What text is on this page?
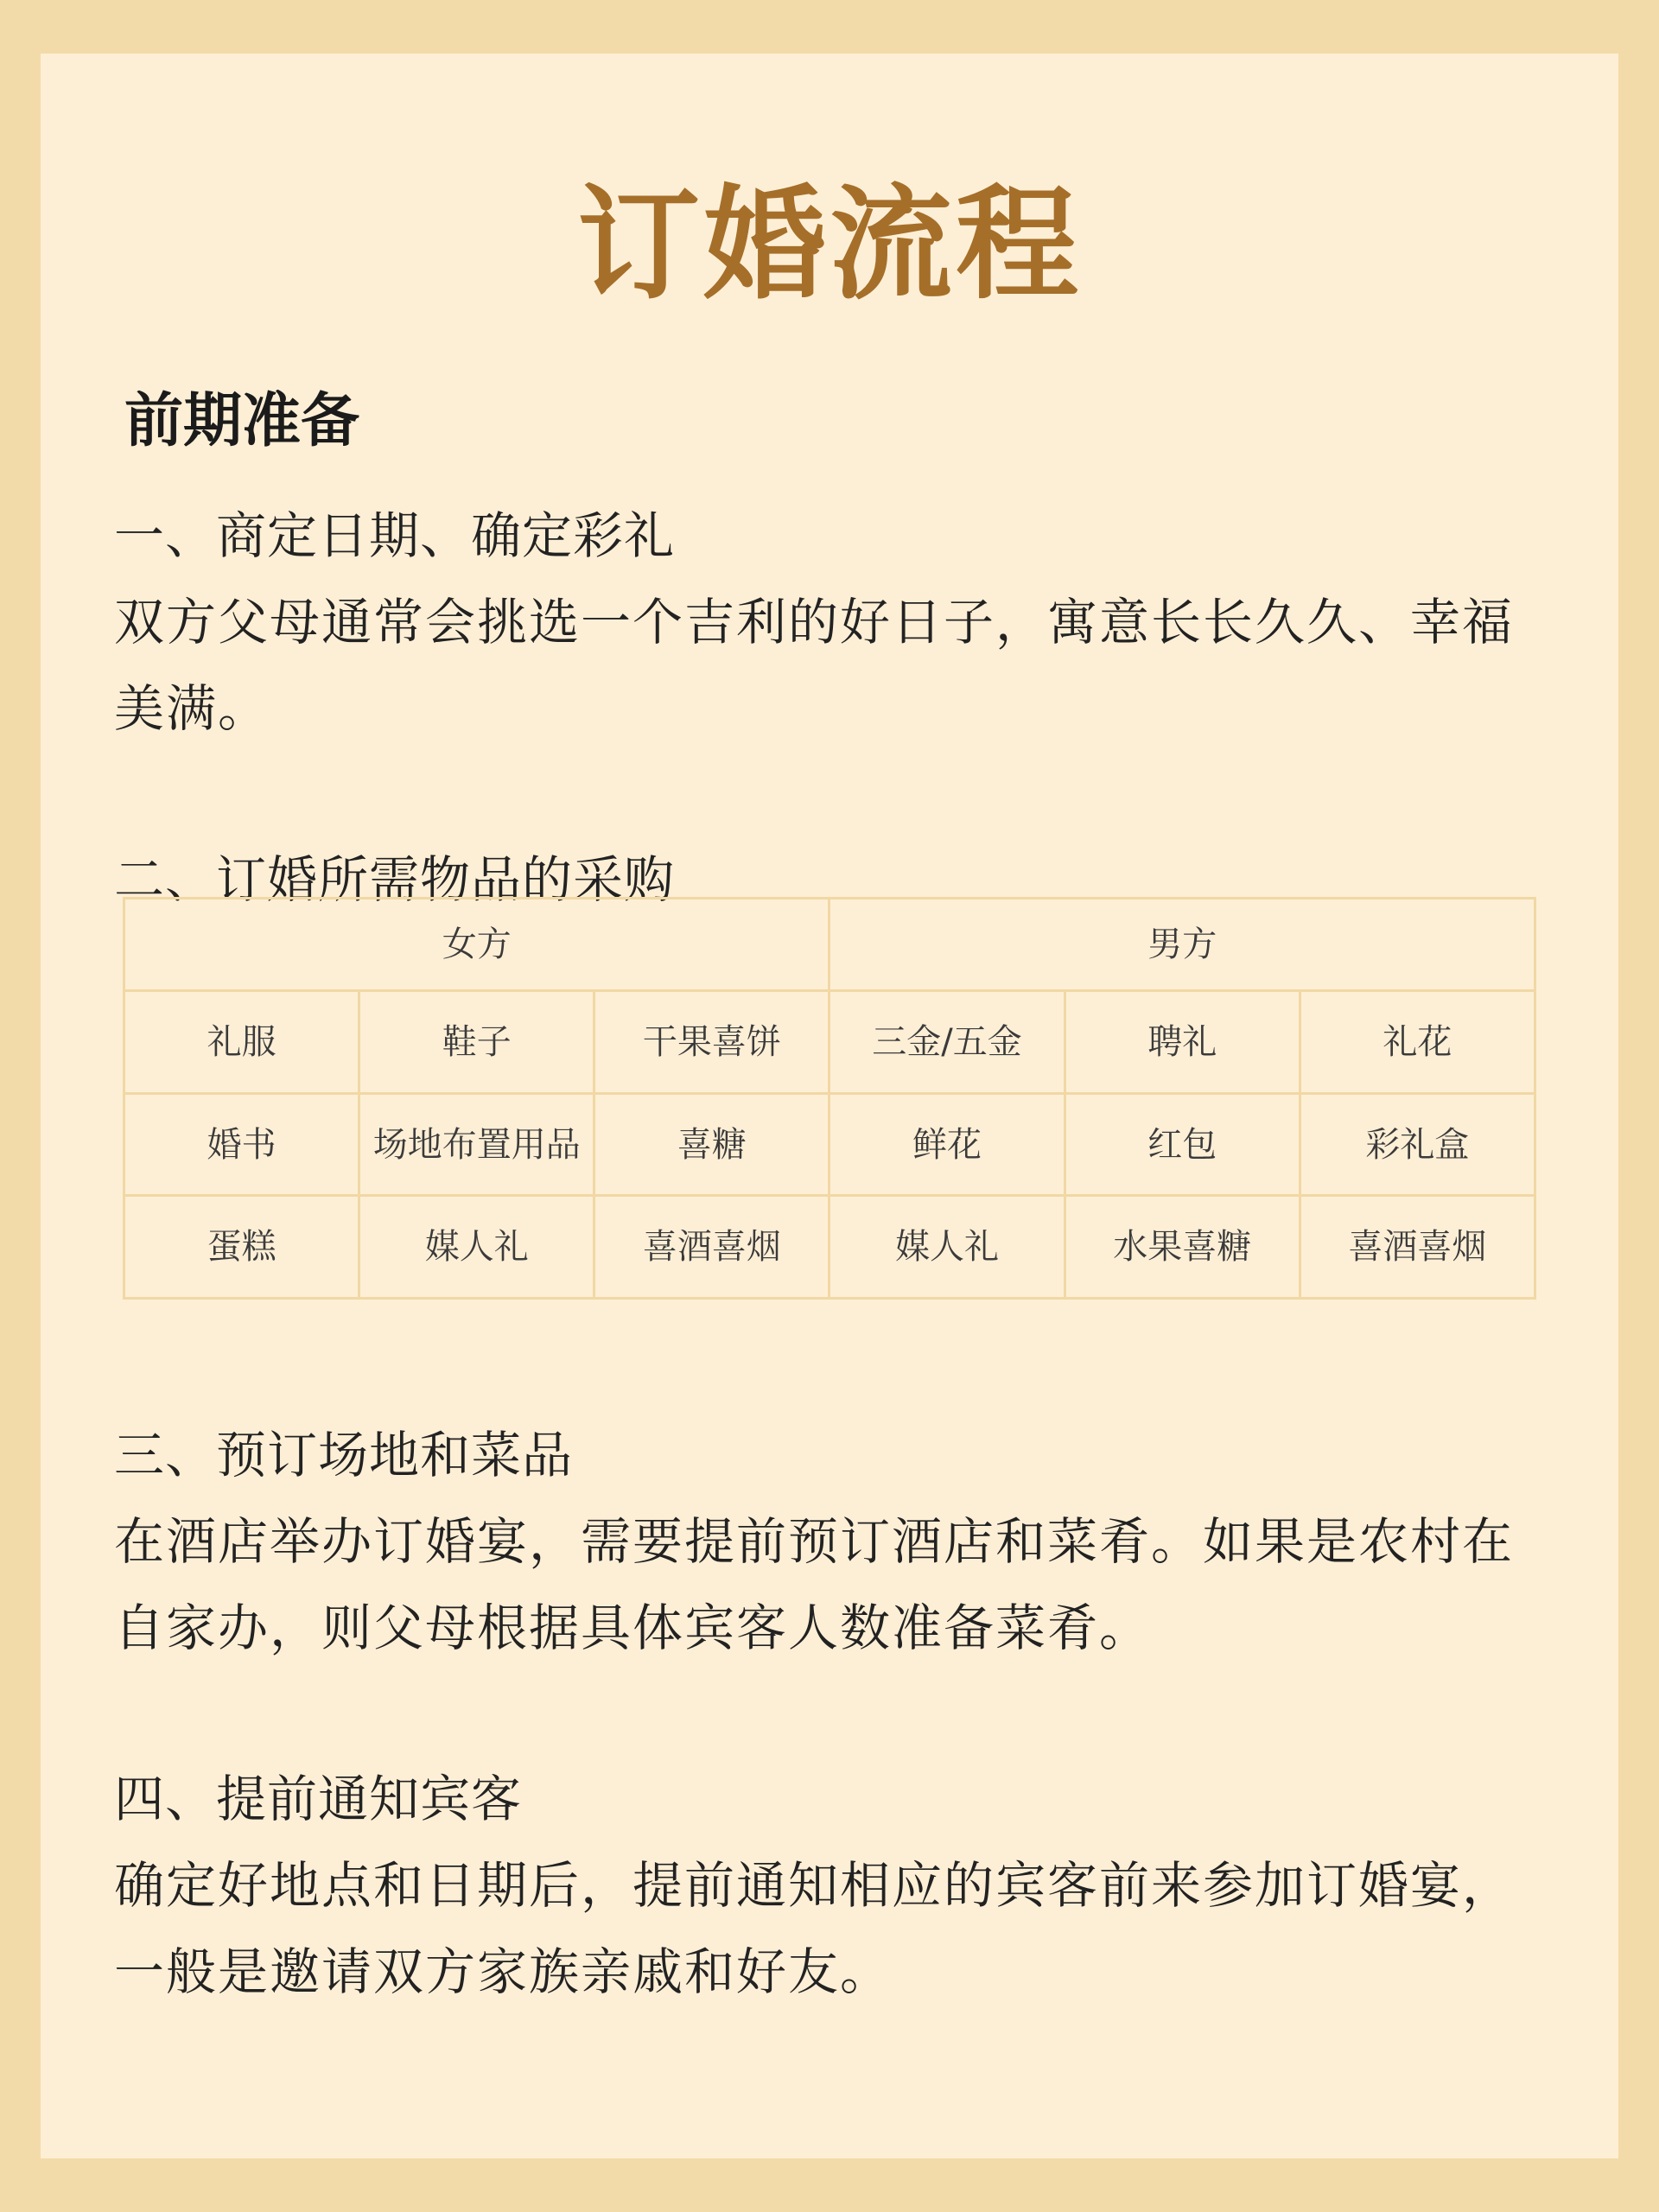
订婚流程
前期准备
一、商定日期、确定彩礼
双方父母通常会挑选一个吉利的好日子，寓意长长久久、幸福美满。
二、订婚所需物品的采购
女方			男方		
礼服	鞋子	干果喜饼	三金/五金	聘礼	礼花
婚书	场地布置用品	喜糖	鲜花	红包	彩礼盒
蛋糕	媒人礼	喜酒喜烟	媒人礼	水果喜糖	喜酒喜烟
三、预订场地和菜品
在酒店举办订婚宴，需要提前预订酒店和菜肴。如果是农村在自家办，则父母根据具体宾客人数准备菜肴。
四、提前通知宾客
确定好地点和日期后，提前通知相应的宾客前来参加订婚宴，一般是邀请双方家族亲戚和好友。
